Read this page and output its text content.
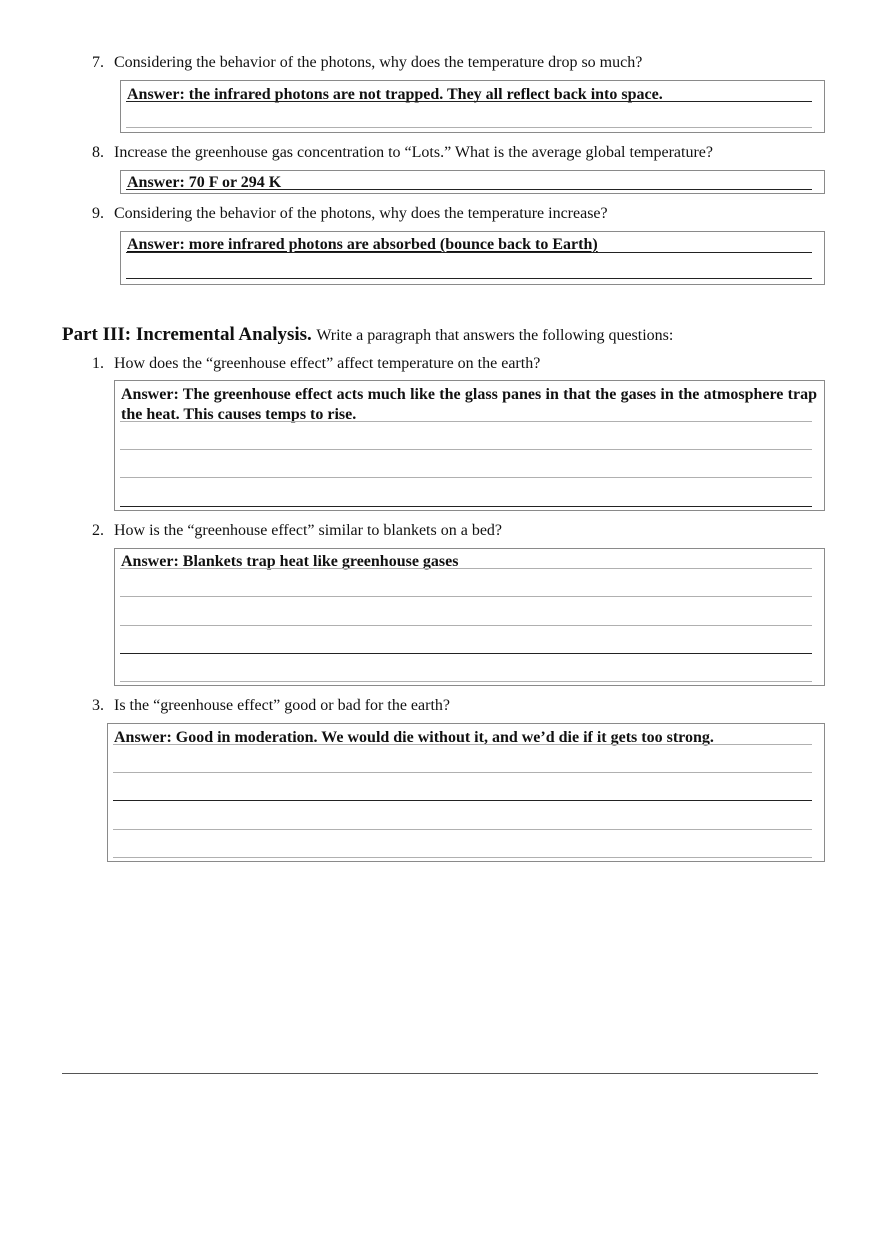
7. Considering the behavior of the photons, why does the temperature drop so much?
Answer: the infrared photons are not trapped. They all reflect back into space.
8. Increase the greenhouse gas concentration to “Lots.” What is the average global temperature?
Answer: 70 F or 294 K
9. Considering the behavior of the photons, why does the temperature increase?
Answer: more infrared photons are absorbed (bounce back to Earth)
Part III: Incremental Analysis. Write a paragraph that answers the following questions:
1. How does the “greenhouse effect” affect temperature on the earth?
Answer: The greenhouse effect acts much like the glass panes in that the gases in the atmosphere trap the heat. This causes temps to rise.
2. How is the “greenhouse effect” similar to blankets on a bed?
Answer: Blankets trap heat like greenhouse gases
3. Is the “greenhouse effect” good or bad for the earth?
Answer: Good in moderation. We would die without it, and we’d die if it gets too strong.
